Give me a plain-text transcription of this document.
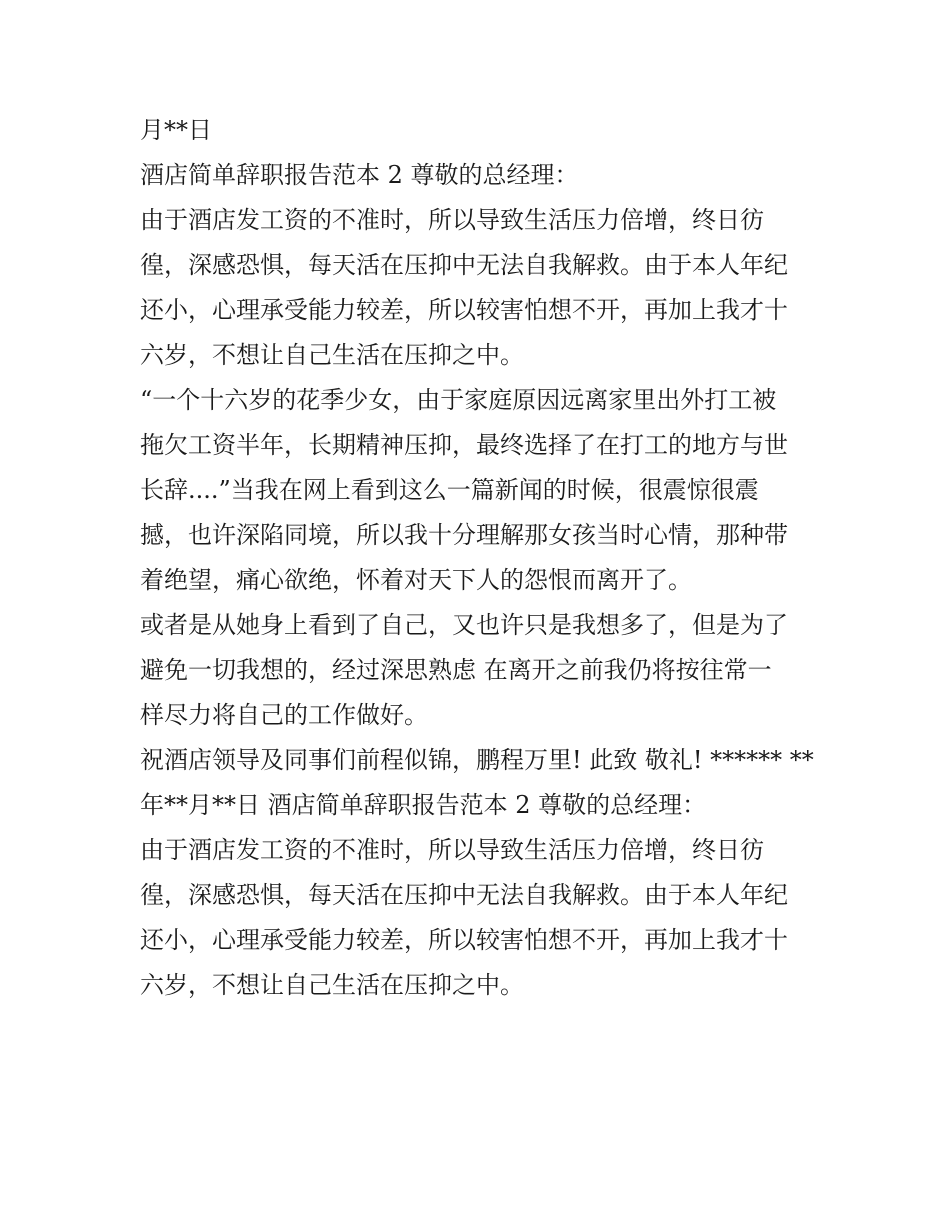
月**日
酒店简单辞职报告范本 2 尊敬的总经理：
由于酒店发工资的不准时，所以导致生活压力倍增，终日彷
徨，深感恐惧，每天活在压抑中无法自我解救。由于本人年纪
还小，心理承受能力较差，所以较害怕想不开，再加上我才十
六岁，不想让自己生活在压抑之中。
“一个十六岁的花季少女，由于家庭原因远离家里出外打工被
拖欠工资半年，长期精神压抑，最终选择了在打工的地方与世
长辞....”当我在网上看到这么一篇新闻的时候，很震惊很震
撼，也许深陷同境，所以我十分理解那女孩当时心情，那种带
着绝望，痛心欲绝，怀着对天下人的怨恨而离开了。
或者是从她身上看到了自己，又也许只是我想多了，但是为了
避免一切我想的，经过深思熟虑 在离开之前我仍将按往常一
样尽力将自己的工作做好。
祝酒店领导及同事们前程似锦，鹏程万里! 此致 敬礼! ****** **
年**月**日 酒店简单辞职报告范本 2 尊敬的总经理：
由于酒店发工资的不准时，所以导致生活压力倍增，终日彷
徨，深感恐惧，每天活在压抑中无法自我解救。由于本人年纪
还小，心理承受能力较差，所以较害怕想不开，再加上我才十
六岁，不想让自己生活在压抑之中。
